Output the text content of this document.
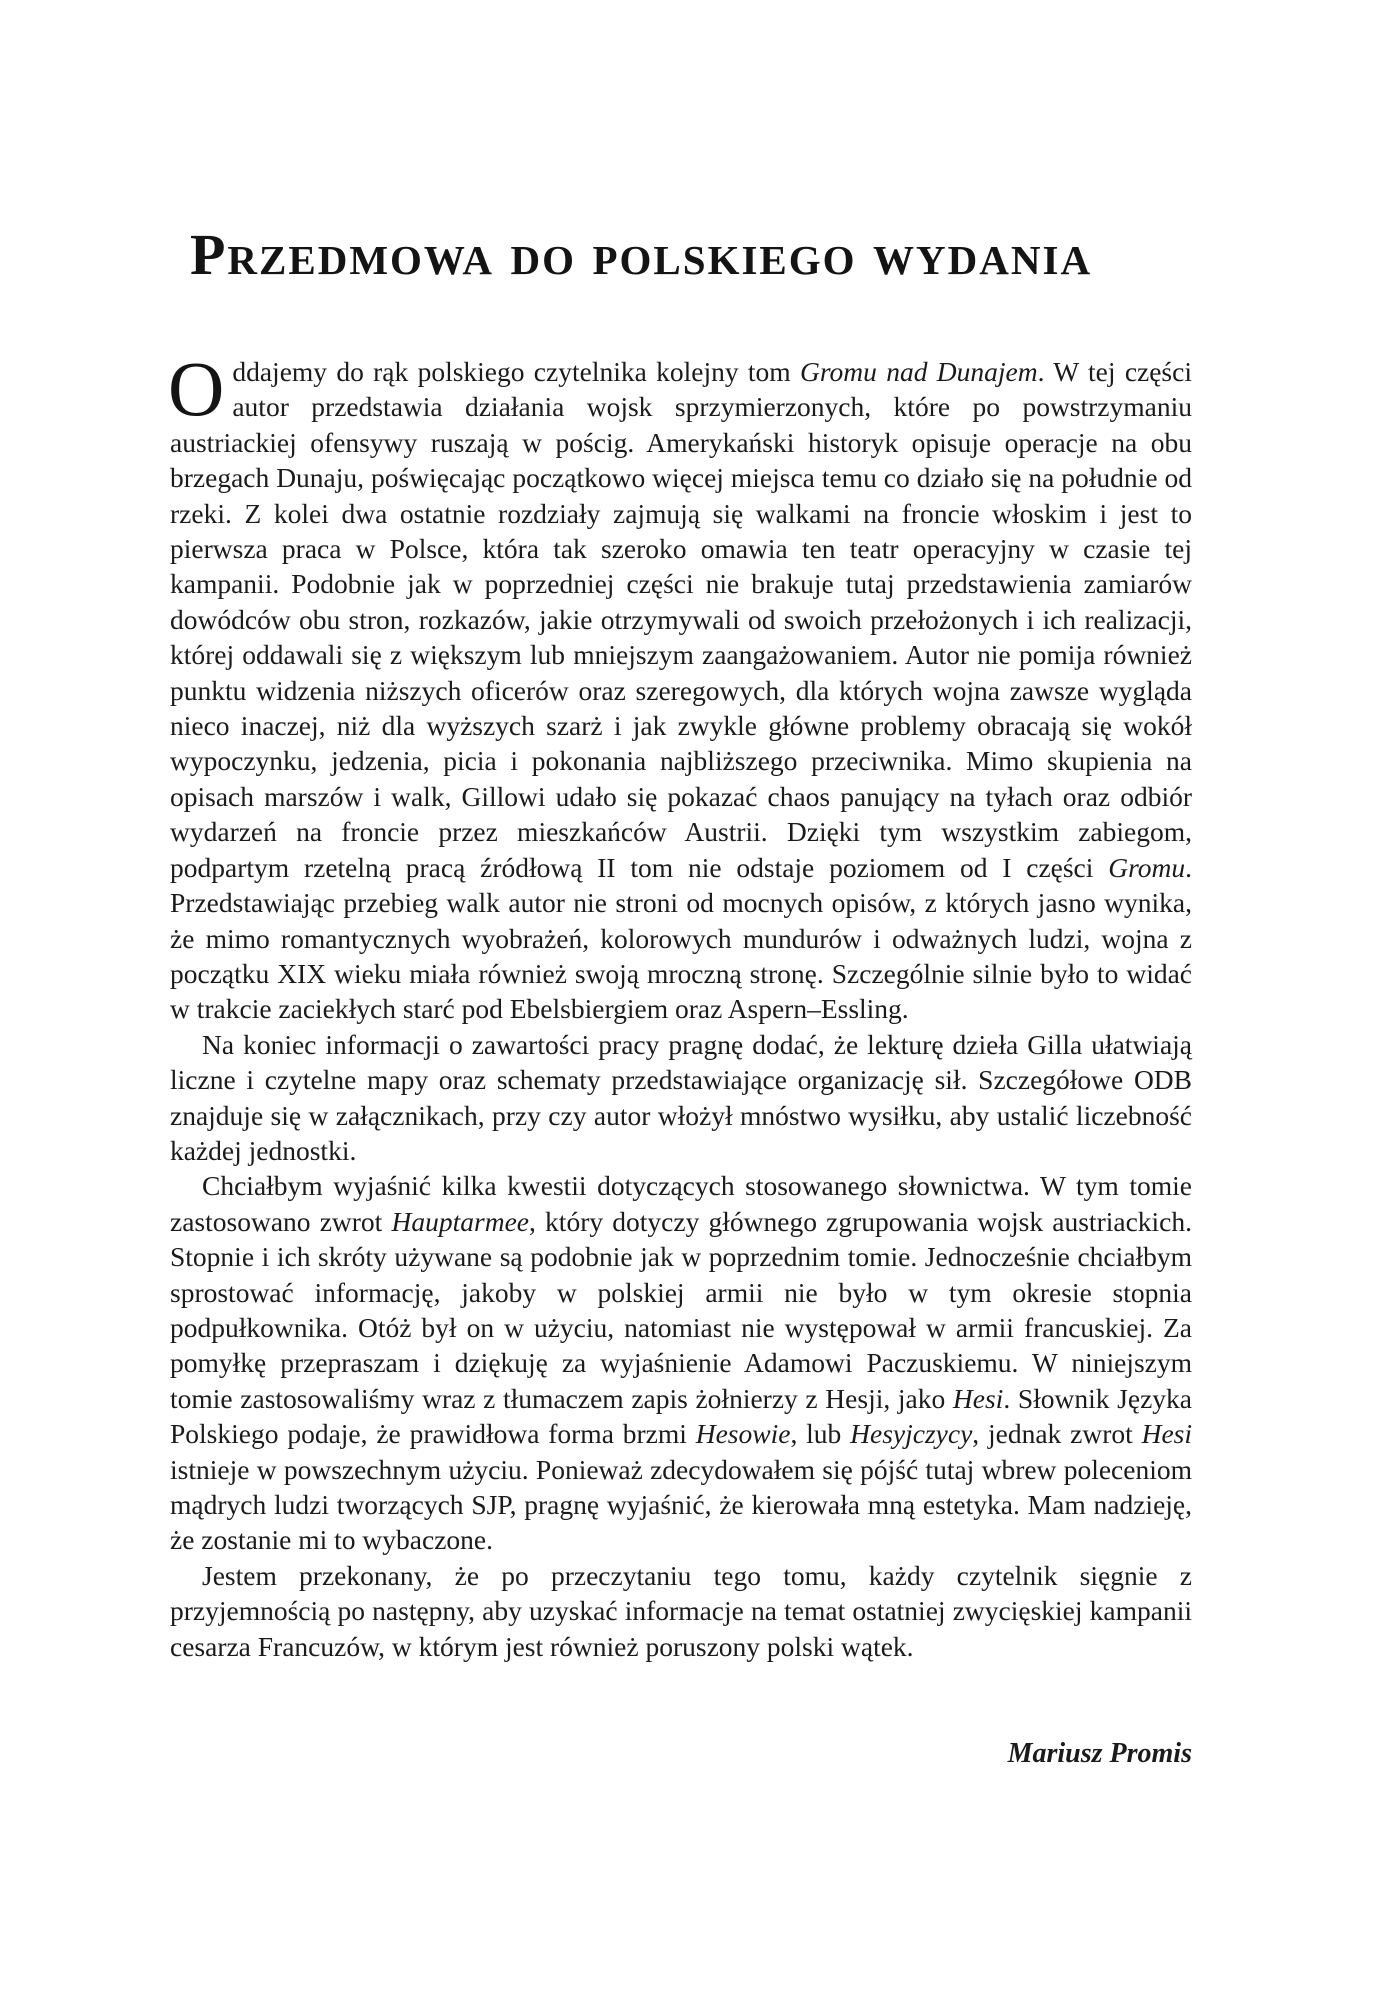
Przedmowa do polskiego wydania

Oddajemy do rąk polskiego czytelnika kolejny tom Gromu nad Dunajem. W tej części autor przedstawia działania wojsk sprzymierzonych, które po powstrzymaniu austriackiej ofensywy ruszają w pościg. Amerykański historyk opisuje operacje na obu brzegach Dunaju, poświęcając początkowo więcej miejsca temu co działo się na południe od rzeki. Z kolei dwa ostatnie rozdziały zajmują się walkami na froncie włoskim i jest to pierwsza praca w Polsce, która tak szeroko omawia ten teatr operacyjny w czasie tej kampanii. Podobnie jak w poprzedniej części nie brakuje tutaj przedstawienia zamiarów dowódców obu stron, rozkazów, jakie otrzymywali od swoich przełożonych i ich realizacji, której oddawali się z większym lub mniejszym zaangażowaniem. Autor nie pomija również punktu widzenia niższych oficerów oraz szeregowych, dla których wojna zawsze wygląda nieco inaczej, niż dla wyższych szarż i jak zwykle główne problemy obracają się wokół wypoczynku, jedzenia, picia i pokonania najbliższego przeciwnika. Mimo skupienia na opisach marszów i walk, Gillowi udało się pokazać chaos panujący na tyłach oraz odbiór wydarzeń na froncie przez mieszkańców Austrii. Dzięki tym wszystkim zabiegom, podpartym rzetelną pracą źródłową II tom nie odstaje poziomem od I części Gromu. Przedstawiając przebieg walk autor nie stroni od mocnych opisów, z których jasno wynika, że mimo romantycznych wyobrażeń, kolorowych mundurów i odważnych ludzi, wojna z początku XIX wieku miała również swoją mroczną stronę. Szczególnie silnie było to widać w trakcie zaciekłych starć pod Ebelsbiergiem oraz Aspern–Essling.

Na koniec informacji o zawartości pracy pragnę dodać, że lekturę dzieła Gilla ułatwiają liczne i czytelne mapy oraz schematy przedstawiające organizację sił. Szczegółowe ODB znajduje się w załącznikach, przy czy autor włożył mnóstwo wysiłku, aby ustalić liczebność każdej jednostki.

Chciałbym wyjaśnić kilka kwestii dotyczących stosowanego słownictwa. W tym tomie zastosowano zwrot Hauptarmee, który dotyczy głównego zgrupowania wojsk austriackich. Stopnie i ich skróty używane są podobnie jak w poprzednim tomie. Jednocześnie chciałbym sprostować informację, jakoby w polskiej armii nie było w tym okresie stopnia podpułkownika. Otóż był on w użyciu, natomiast nie występował w armii francuskiej. Za pomyłkę przepraszam i dziękuję za wyjaśnienie Adamowi Paczuskiemu. W niniejszym tomie zastosowaliśmy wraz z tłumaczem zapis żołnierzy z Hesji, jako Hesi. Słownik Języka Polskiego podaje, że prawidłowa forma brzmi Hesowie, lub Hesyjczycy, jednak zwrot Hesi istnieje w powszechnym użyciu. Ponieważ zdecydowałem się pójść tutaj wbrew poleceniom mądrych ludzi tworzących SJP, pragnę wyjaśnić, że kierowała mną estetyka. Mam nadzieję, że zostanie mi to wybaczone.

Jestem przekonany, że po przeczytaniu tego tomu, każdy czytelnik sięgnie z przyjemnością po następny, aby uzyskać informacje na temat ostatniej zwycięskiej kampanii cesarza Francuzów, w którym jest również poruszony polski wątek.

Mariusz Promis
